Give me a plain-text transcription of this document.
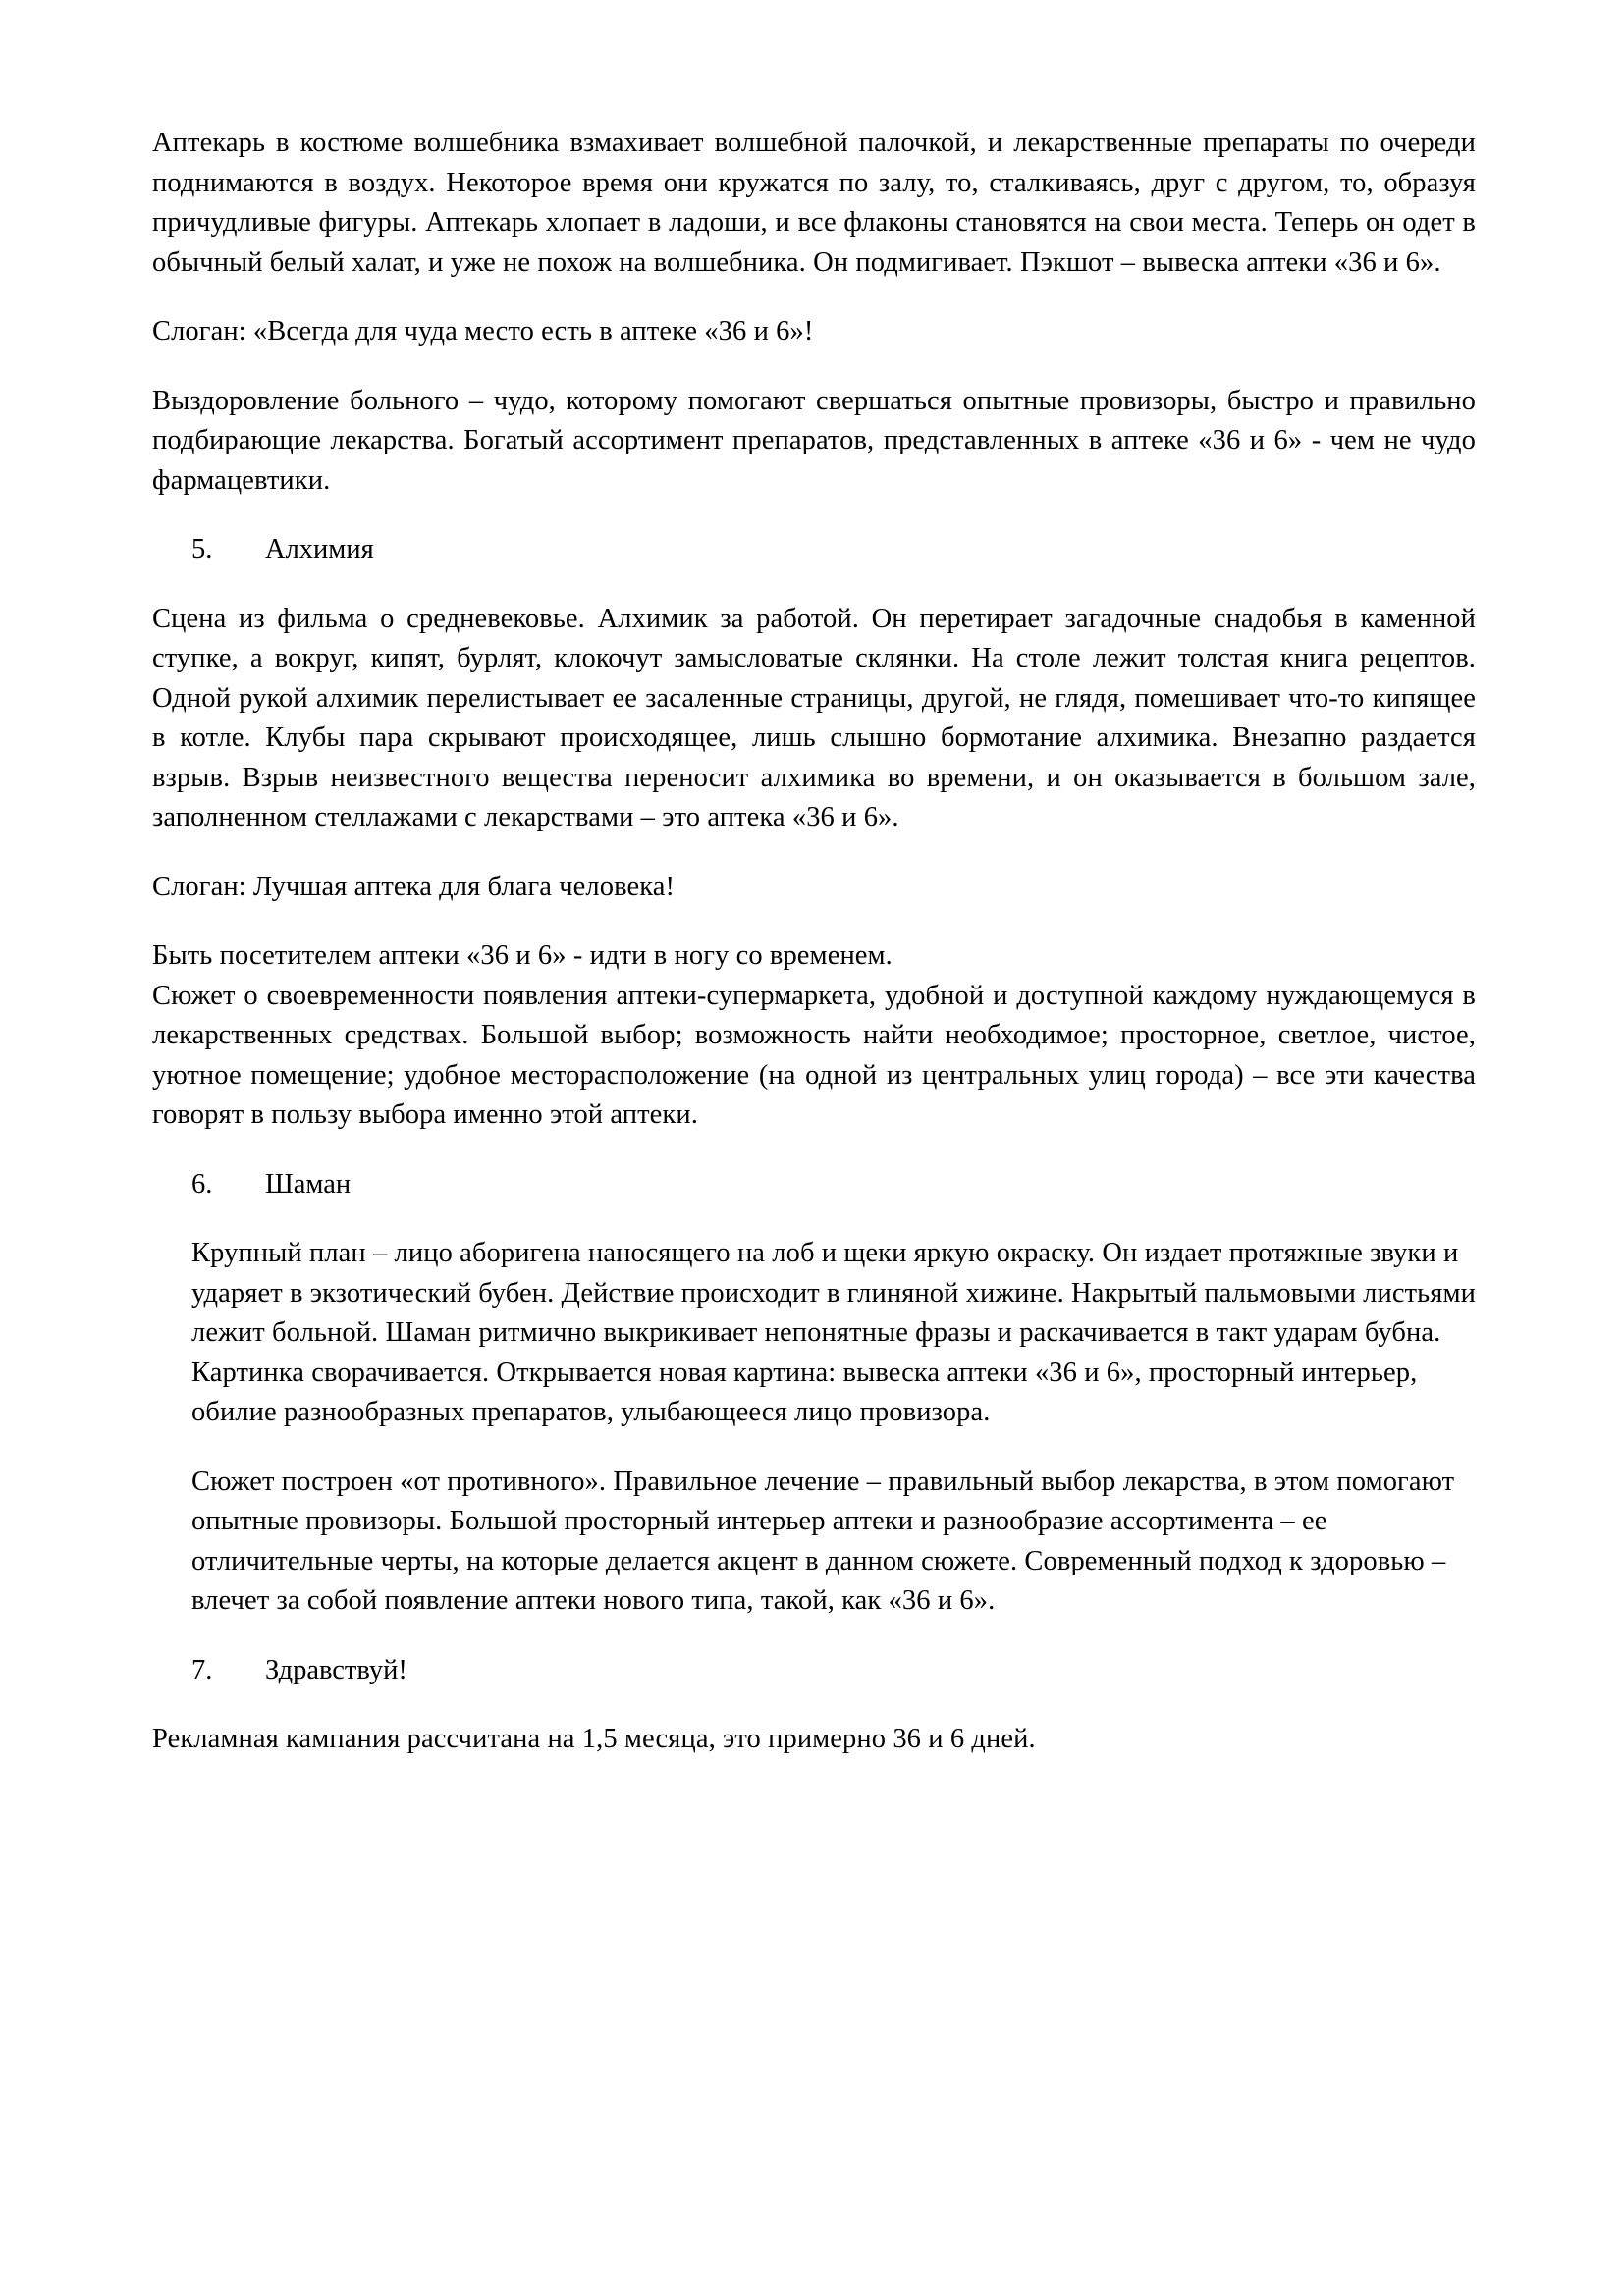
Аптекарь в костюме волшебника взмахивает волшебной палочкой, и лекарственные препараты по очереди поднимаются в воздух. Некоторое время они кружатся по залу, то, сталкиваясь, друг с другом, то, образуя причудливые фигуры. Аптекарь хлопает в ладоши, и все флаконы становятся на свои места. Теперь он одет в обычный белый халат, и уже не похож на волшебника. Он подмигивает. Пэкшот – вывеска аптеки «36 и 6».

Слоган: «Всегда для чуда место есть в аптеке «36 и 6»!

Выздоровление больного – чудо, которому помогают свершаться опытные провизоры, быстро и правильно подбирающие лекарства. Богатый ассортимент препаратов, представленных в аптеке «36 и 6» - чем не чудо фармацевтики.

5.	Алхимия

Сцена из фильма о средневековье. Алхимик за работой. Он перетирает загадочные снадобья в каменной ступке, а вокруг, кипят, бурлят, клокочут замысловатые склянки. На столе лежит толстая книга рецептов. Одной рукой алхимик перелистывает ее засаленные страницы, другой, не глядя, помешивает что-то кипящее в котле. Клубы пара скрывают происходящее, лишь слышно бормотание алхимика. Внезапно раздается взрыв. Взрыв неизвестного вещества переносит алхимика во времени, и он оказывается в большом зале, заполненном стеллажами с лекарствами – это аптека «36 и 6».

Слоган: Лучшая аптека для блага человека!

Быть посетителем аптеки «36 и 6» - идти в ногу со временем.

Сюжет о своевременности появления аптеки-супермаркета, удобной и доступной каждому нуждающемуся в лекарственных средствах. Большой выбор; возможность найти необходимое; просторное, светлое, чистое, уютное помещение; удобное месторасположение (на одной из центральных улиц города) – все эти качества говорят в пользу выбора именно этой аптеки.

6.	Шаман

Крупный план – лицо аборигена наносящего на лоб и щеки яркую окраску. Он издает протяжные звуки и ударяет в экзотический бубен. Действие происходит в глиняной хижине. Накрытый пальмовыми листьями лежит больной. Шаман ритмично выкрикивает непонятные фразы и раскачивается в такт ударам бубна.

Картинка сворачивается. Открывается новая картина: вывеска аптеки «36 и 6», просторный интерьер, обилие разнообразных препаратов, улыбающееся лицо провизора.

Сюжет построен «от противного». Правильное лечение – правильный выбор лекарства, в этом помогают опытные провизоры. Большой просторный интерьер аптеки и разнообразие ассортимента – ее отличительные черты, на которые делается акцент в данном сюжете. Современный подход к здоровью – влечет за собой появление аптеки нового типа, такой, как «36 и 6».

7.	Здравствуй!

Рекламная кампания рассчитана на 1,5 месяца, это примерно 36 и 6 дней.
